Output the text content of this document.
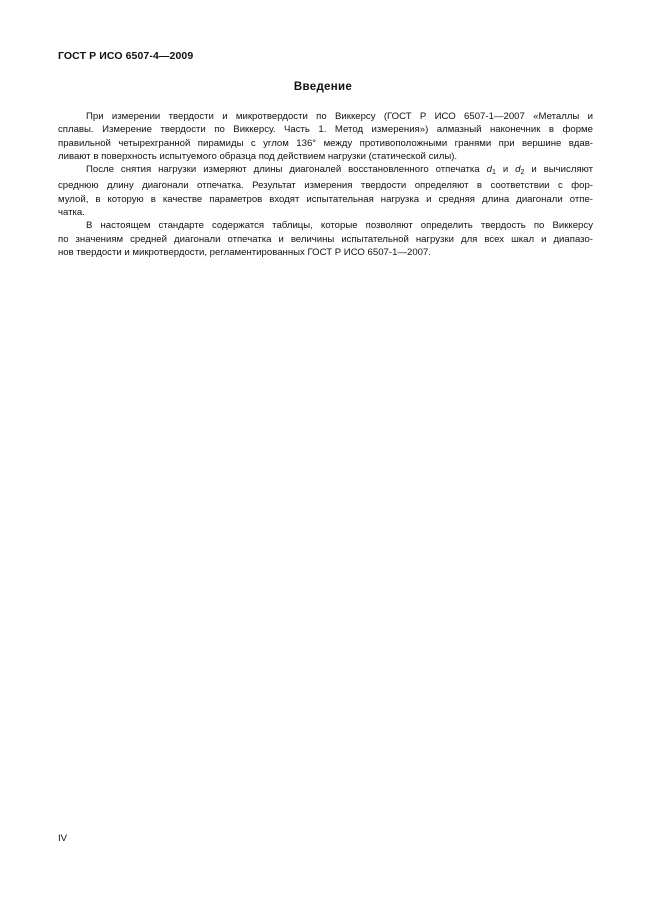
ГОСТ Р ИСО 6507-4—2009
Введение
При измерении твердости и микротвердости по Виккерсу (ГОСТ Р ИСО 6507-1—2007 «Металлы и
сплавы. Измерение твердости по Виккерсу. Часть 1. Метод измерения») алмазный наконечник в форме
правильной четырехгранной пирамиды с углом 136° между противоположными гранями при вершине вдав-
ливают в поверхность испытуемого образца под действием нагрузки (статической силы).
После снятия нагрузки измеряют длины диагоналей восстановленного отпечатка $d_1$ и $d_2$ и вычисляют
среднюю длину диагонали отпечатка. Результат измерения твердости определяют в соответствии с фор-
мулой, в которую в качестве параметров входят испытательная нагрузка и средняя длина диагонали отпе-
чатка.
В настоящем стандарте содержатся таблицы, которые позволяют определить твердость по Виккерсу
по значениям средней диагонали отпечатка и величины испытательной нагрузки для всех шкал и диапазо-
нов твердости и микротвердости, регламентированных ГОСТ Р ИСО 6507-1—2007.
IV
